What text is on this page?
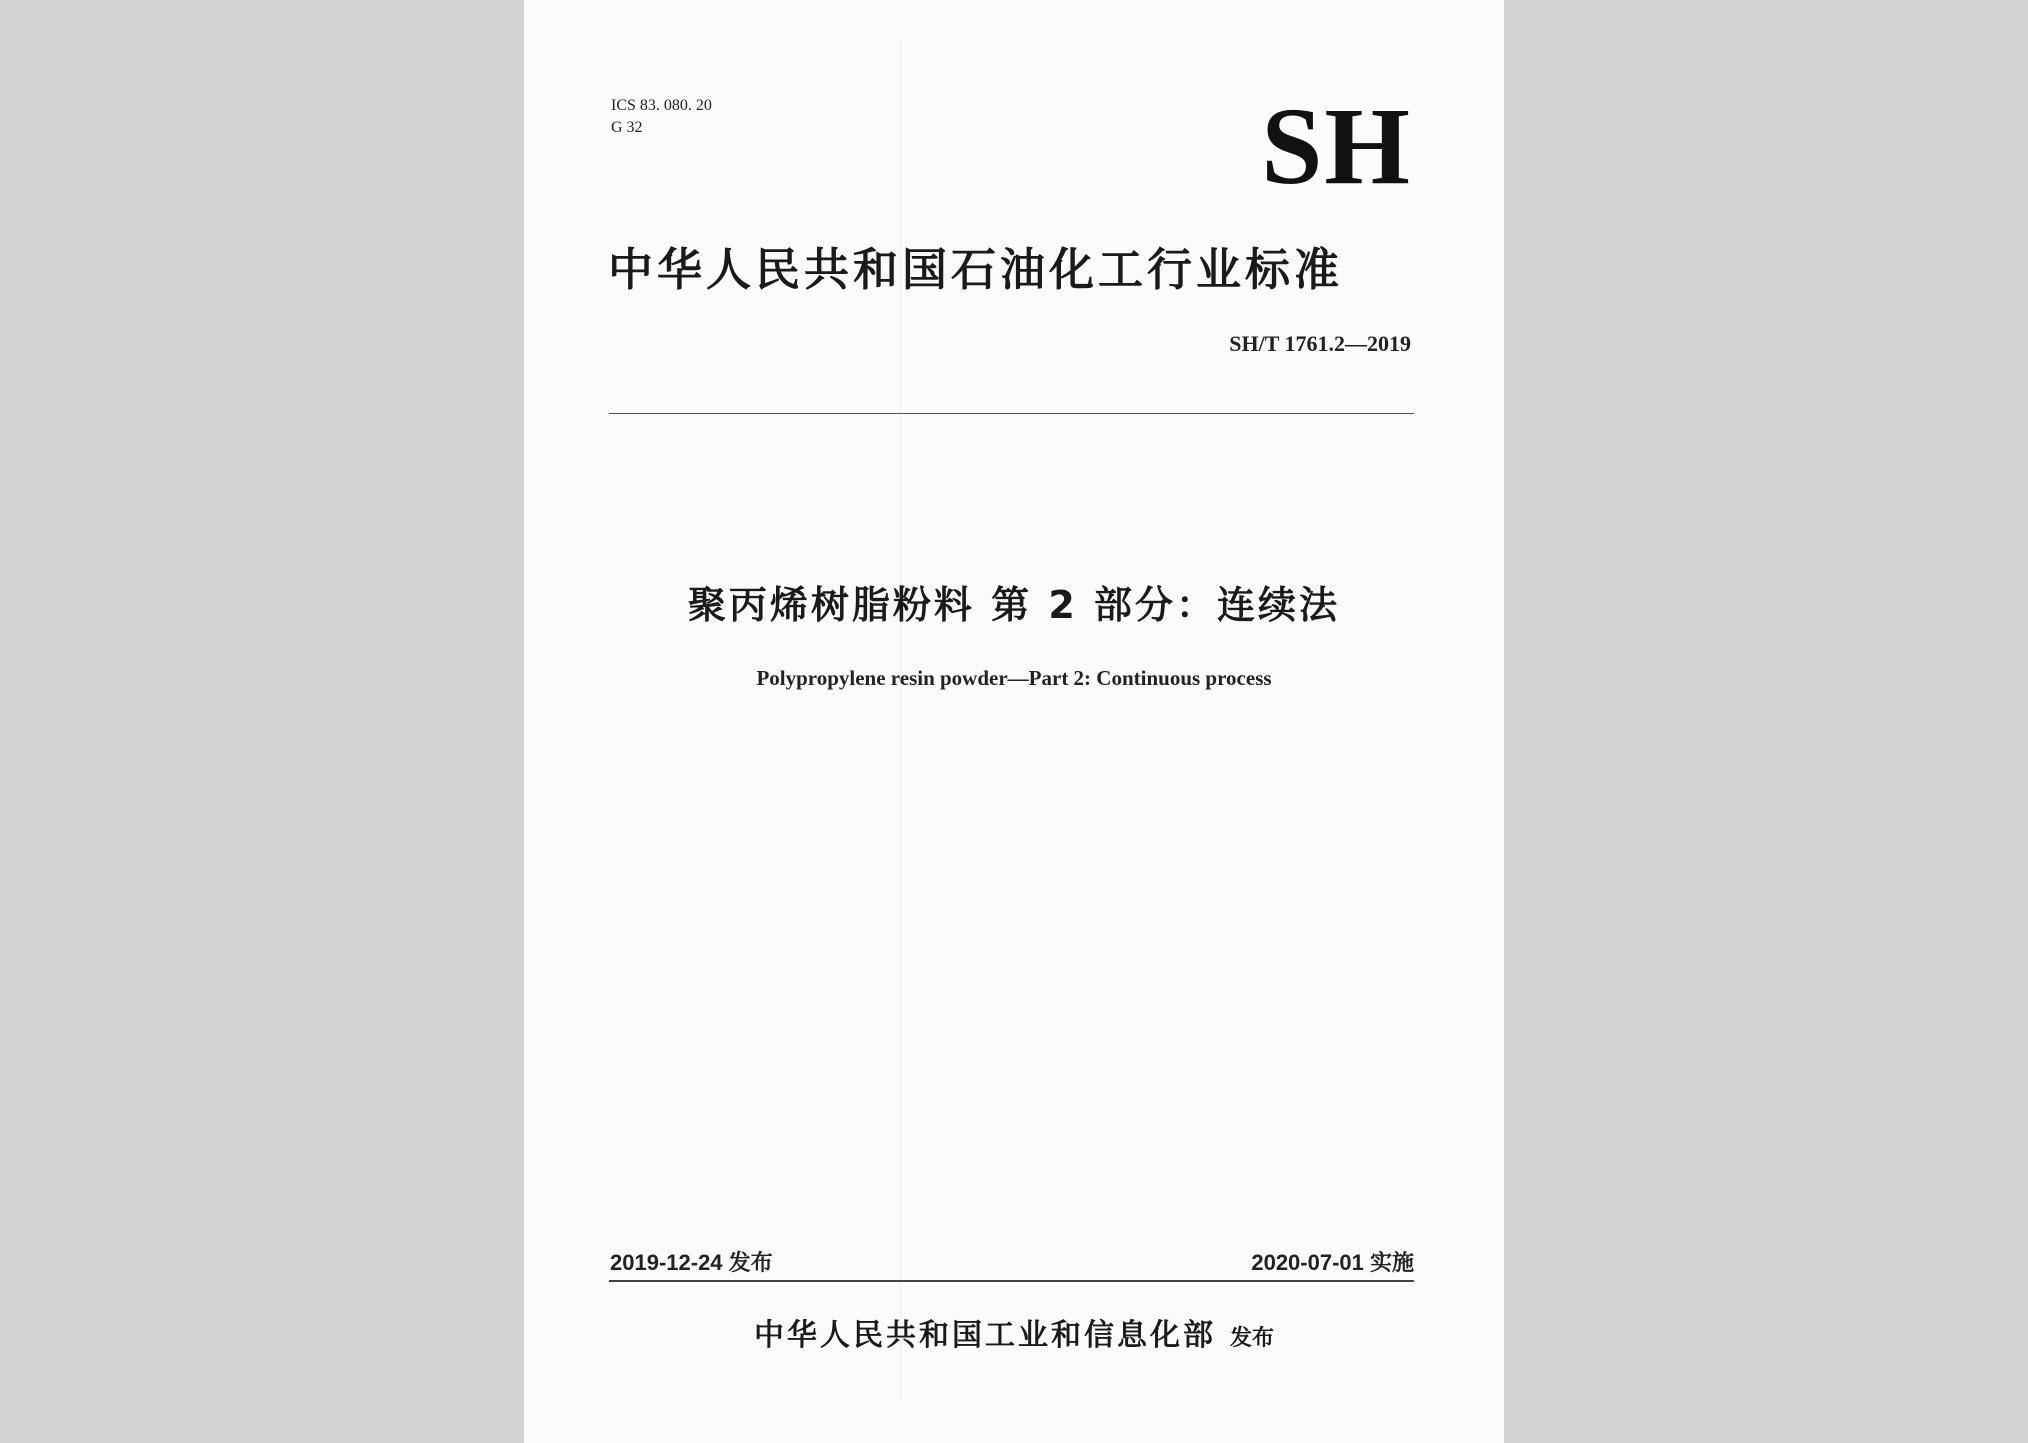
ICS 83. 080. 20
G 32	SH
中华人民共和国石油化工行业标准
SH/T 1761.2—2019
聚丙烯树脂粉料 第 2 部分：连续法
Polypropylene resin powder—Part 2: Continuous process
2019-12-24 发布	2020-07-01 实施
中华人民共和国工业和信息化部 发布
